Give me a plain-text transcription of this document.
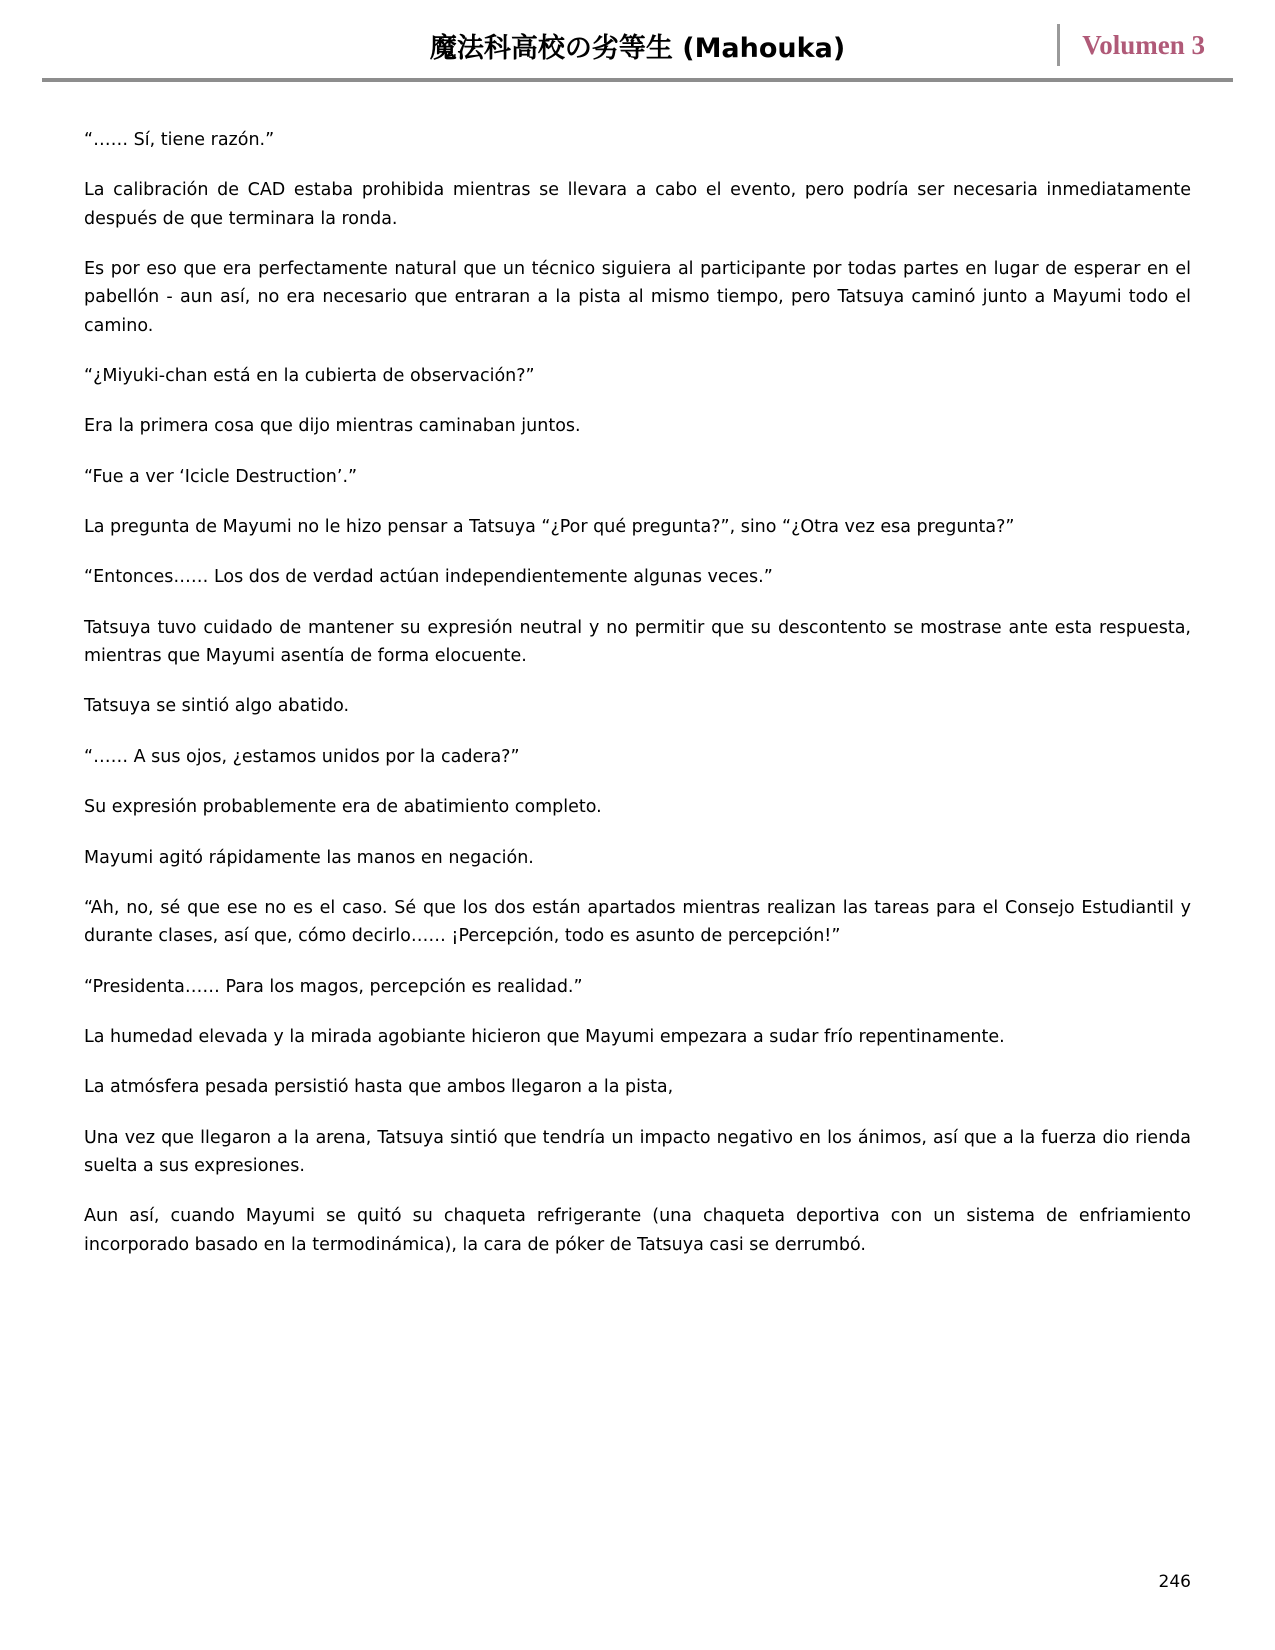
魔法科高校の劣等生 (Mahouka)	Volumen 3

“…… Sí, tiene razón.”

La calibración de CAD estaba prohibida mientras se llevara a cabo el evento, pero podría ser necesaria inmediatamente después de que terminara la ronda.

Es por eso que era perfectamente natural que un técnico siguiera al participante por todas partes en lugar de esperar en el pabellón - aun así, no era necesario que entraran a la pista al mismo tiempo, pero Tatsuya caminó junto a Mayumi todo el camino.

“¿Miyuki-chan está en la cubierta de observación?”

Era la primera cosa que dijo mientras caminaban juntos.

“Fue a ver ‘Icicle Destruction’.”

La pregunta de Mayumi no le hizo pensar a Tatsuya “¿Por qué pregunta?”, sino “¿Otra vez esa pregunta?”

“Entonces…… Los dos de verdad actúan independientemente algunas veces.”

Tatsuya tuvo cuidado de mantener su expresión neutral y no permitir que su descontento se mostrase ante esta respuesta, mientras que Mayumi asentía de forma elocuente.

Tatsuya se sintió algo abatido.

“…… A sus ojos, ¿estamos unidos por la cadera?”

Su expresión probablemente era de abatimiento completo.

Mayumi agitó rápidamente las manos en negación.

“Ah, no, sé que ese no es el caso. Sé que los dos están apartados mientras realizan las tareas para el Consejo Estudiantil y durante clases, así que, cómo decirlo…… ¡Percepción, todo es asunto de percepción!”

“Presidenta…… Para los magos, percepción es realidad.”

La humedad elevada y la mirada agobiante hicieron que Mayumi empezara a sudar frío repentinamente.

La atmósfera pesada persistió hasta que ambos llegaron a la pista,

Una vez que llegaron a la arena, Tatsuya sintió que tendría un impacto negativo en los ánimos, así que a la fuerza dio rienda suelta a sus expresiones.

Aun así, cuando Mayumi se quitó su chaqueta refrigerante (una chaqueta deportiva con un sistema de enfriamiento incorporado basado en la termodinámica), la cara de póker de Tatsuya casi se derrumbó.

246
